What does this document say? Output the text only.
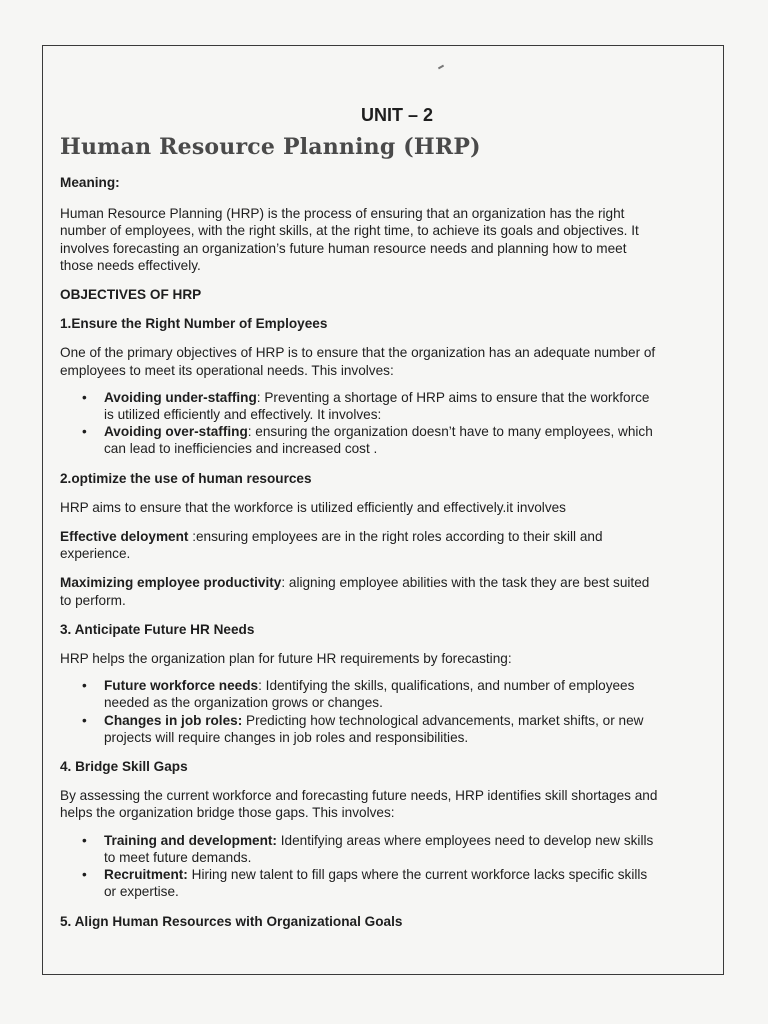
UNIT – 2
Human Resource Planning (HRP)
Meaning:
Human Resource Planning (HRP) is the process of ensuring that an organization has the right number of employees, with the right skills, at the right time, to achieve its goals and objectives. It involves forecasting an organization’s future human resource needs and planning how to meet those needs effectively.
OBJECTIVES OF HRP
1.Ensure the Right Number of Employees
One of the primary objectives of HRP is to ensure that the organization has an adequate number of employees to meet its operational needs. This involves:
• Avoiding under-staffing: Preventing a shortage of HRP aims to ensure that the workforce is utilized efficiently and effectively. It involves:
• Avoiding over-staffing: ensuring the organization doesn’t have to many employees, which can lead to inefficiencies and increased cost .
2.optimize the use of human resources
HRP aims to ensure that the workforce is utilized efficiently and effectively.it involves
Effective deloyment :ensuring employees are in the right roles according to their skill and experience.
Maximizing employee productivity: aligning employee abilities with the task they are best suited to perform.
3. Anticipate Future HR Needs
HRP helps the organization plan for future HR requirements by forecasting:
• Future workforce needs: Identifying the skills, qualifications, and number of employees needed as the organization grows or changes.
• Changes in job roles: Predicting how technological advancements, market shifts, or new projects will require changes in job roles and responsibilities.
4. Bridge Skill Gaps
By assessing the current workforce and forecasting future needs, HRP identifies skill shortages and helps the organization bridge those gaps. This involves:
• Training and development: Identifying areas where employees need to develop new skills to meet future demands.
• Recruitment: Hiring new talent to fill gaps where the current workforce lacks specific skills or expertise.
5. Align Human Resources with Organizational Goals
